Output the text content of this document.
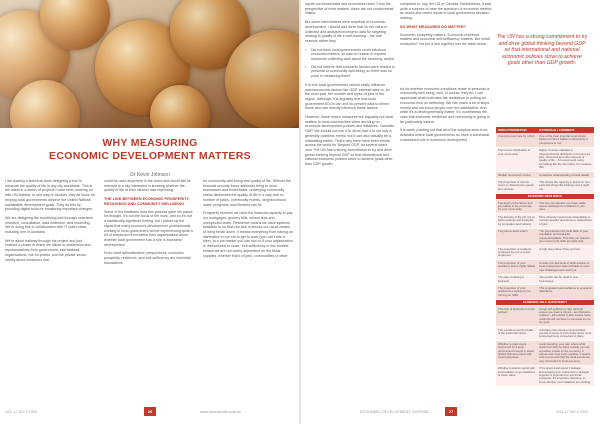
WHY MEASURING
ECONOMIC DEVELOPMENT MATTERS
Dr Kevin Johnson

I am leading a technical team designing a tool to measure the quality of life in any city worldwide. This is the latest in a series of projects I have been working on with UN-Habitat. In one way or another, they all focus on helping local governments achieve the United Nations' sustainable development goals. They do this by providing digital tools for monitoring important changes.

We are designing the monitoring tool through extensive research, consultation, data collection, and modelling. We're doing this in collaboration with IT cyber class, including one in Australia.

We're about halfway through the project and just finished a phase in which we talked to academics and representatives from government, international organisations, not-for-profits, and the private sector, mostly about measures that

could be used anywhere in the world and would still be relevant to a city interested in knowing whether the quality of life of their citizens was improving.

THE LINK BETWEEN ECONOMIC PROSPERITY, RESILIENCE AND COMMUNITY WELLBEING

Some of the feedback from this process gave me pause for thought. It's not the focus of the work, and so it's not a statistically significant finding, but I picked up the signal that many economic development professionals working in local government will be experiencing quite a bit of scepticism from within their organisations about whether local government has a role in economic development.

From chief administrators' perspectives, economic prosperity, resilience, and self-sufficiency are essential foundations

for community well-being and quality of life. Without the financial security these attributes bring to local businesses and households, underlying community stress diminishes the quality of life in a way that no number of parks, community events, neighbourhood watch programs, and libraries can fix.

Prosperity ensures we have the financial capacity to pay our mortgages, grocery bills, school fees and unexpected costs. Resilience means we have systems available to us that can kick in should our usual means of living break down. It means everything from having an alternative to our car to get to work (you can't ride a bike), to a job market you can turn to if your organisation is restructured or close. Self-sufficiency in this context means we are not overly dependent on the fiscal supplies, whether that's of jobs, commodities or other

VOL 17 NO 3 2024	26	www.edaustralia.com.au

inputs our households and economies need. From the perspective of most leaders, these are not controversial claims.

But some interviewees were sceptical of economic development. I should add were that on net value in collected and analysed economic data for targeting relating to quality of life in self-tracking – the real reasons rather they

• Did not think local governments could influence economic matters, so saw no reason to expend resources collecting data about the economy, and/or
• Did not believe that economic factors were related to personal or community well-being, so there was no point in measuring them!

It is true local governments cannot easily influence macroeconomic factors like GDP, interest rates or, for the most part, the number and types of jobs in the region. Although, it is arguably true that local government EDOs can and do present data to inform those who can directly influence these factors.

However, these macro measures are arguably not what matters to local communities when deciding on economic development policies and initiatives. Consider GDP. We should not use it to 'show that' it is not only a generally pointless metric, but it can also actually be a misleading metric. That's why there have been efforts across the world for 'Beyond GDP' for several years now. The UN has a strong commitment to try and drive global thinking beyond GDP so that international and national economic policies strive to achieve goals other than GDP growth.

compared to, say, the US or Canada. Nonetheless, it was quite a surprise to hear the spectrum of economic metrics as useful and useful inputs to local government decision-making.

SO WHAT MEASURES DO MATTER?

Economic prosperity matters. Economic resilience matters and economic self-sufficiency matters. But which measures? I've put a few together into the table below.

As for whether economic conditions relate to personal or community well-being, well, of course, they do. I can appreciate what motivates the resistance to putting an economic lens on wellbeing. We can make a lot of steps money and not shoot people over the satisfaction. And while it's a developmentally matter, it's nonetheless the case that economic resilience and community is going to be particularly salient.

It is worth pointing out that all of the sceptics were from Australia where local governments do have a somewhat constrained role in economic development

The UN has a strong commitment to try and drive global thinking beyond GDP so that international and national economic policies strive to achieve goals other than GDP growth.
INDICATOR/METRIC	RATIONALE / COMMENT
Unemployment rate by cohort	One of the most important and simple factors to hold a bellies in community is prosperous or not.
The income distribution of your community	Higher incomes indicates a disproportionate distribution of income by jobs, resources and other aspects of quality of life – I'd recommend using something like the Gini index, for measure this.
Median household income	A baseline understanding of local wealth.
The proportion of income spent on discretionary goods and services	This shows the capacity to spend on non-essential things like holidays and a night out.
ECONOMIC RESILIENCE	
The depth of the labour and job market in the proximate for your community	This lets you whether you have viable career pathways for residents in your area.
The diversity of the job mix of both residents and local jobs by occupation and industry	More diversity means less vulnerability to industry-specific downturns or restructures of jobs.
The jobs-to-skills match	The gap between the local skills of your population and local jobs required/available. This tells you whether you invest in job skills and jobs well.
The proportion of residents employed by one or a few employers	A high rate pulses if they go bust.
The proportion of your workforce that is highly skilled	A better mix and level of skills ensures a local employment base and/able to meet new challenges and reach out.
The rate of starting a business	Job growth can be rapid in new businesses.
The proportion of your residences employed in or running an SME	This is greater local resilience to economic downturns.
ECONOMIC SELF-SUFFICIENCY	
The ratio of local jobs to local workers	A high self-sufficiency ratio will help ensure you have a robust – and therefore resilient – job market. It also means many residents will not have to commute too far for work.
The overall economic health of the local main street	A thriving main street economic/cities provide a sense of community and a more connected/more connected to place.
Whether a major event sponsored by a local government brought in visitor dollars that were spent with local businesses	Local spending your own where what would normally be spent outside you has a positive impact on the economy. It argues and must early negative, it means and recommend that the local events are very successful in local economy.
Whether residents spend with local retailers or go elsewhere or lower value	If the spent local spend it leakage. Encouraging your customers in strategic supplies is important for economic prosperity. It's important, therefore, to know whether your initiatives are working.
ECONOMIC DEVELOPMENT JOURNAL	27	VOL 17 NO 3 2024
